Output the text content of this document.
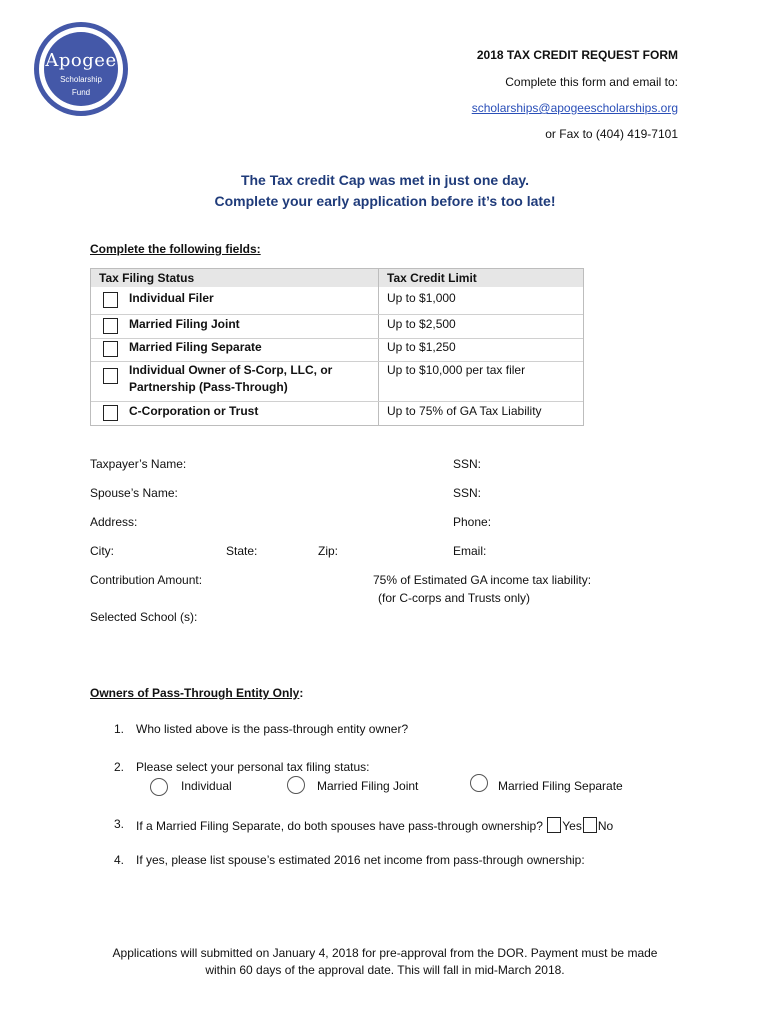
Apogee
Scholarship
Fund
2018 TAX CREDIT REQUEST FORM
Complete this form and email to:
scholarships@apogeescholarships.org
or Fax to (404) 419-7101
The Tax credit Cap was met in just one day.
Complete your early application before it’s too late!
Complete the following fields:
Tax Filing Status	Tax Credit Limit
Individual Filer	Up to $1,000
Married Filing Joint	Up to $2,500
Married Filing Separate	Up to $1,250
Individual Owner of S-Corp, LLC, or Partnership (Pass-Through)
Up to $10,000 per tax filer
C-Corporation or Trust	Up to 75% of GA Tax Liability
Taxpayer’s Name:	SSN:
Spouse’s Name:	SSN:
Address:	Phone:
City:	State:	Zip:	Email:
Contribution Amount:	75% of Estimated GA income tax liability:
(for C-corps and Trusts only)
Selected School (s):
Owners of Pass-Through Entity Only:
1. Who listed above is the pass-through entity owner?
2. Please select your personal tax filing status:
Individual	Married Filing Joint	Married Filing Separate
3. If a Married Filing Separate, do both spouses have pass-through ownership? Yes No
4. If yes, please list spouse’s estimated 2016 net income from pass-through ownership:
Applications will submitted on January 4, 2018 for pre-approval from the DOR. Payment must be made
within 60 days of the approval date. This will fall in mid-March 2018.
